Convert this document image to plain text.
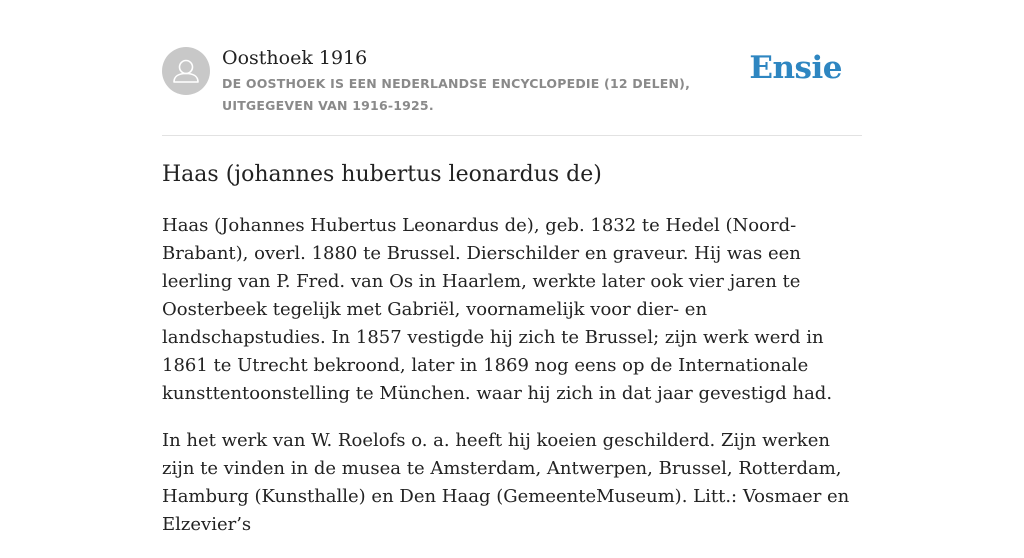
Oosthoek 1916
DE OOSTHOEK IS EEN NEDERLANDSE ENCYCLOPEDIE (12 DELEN), UITGEGEVEN VAN 1916-1925.
Ensie
Haas (johannes hubertus leonardus de)

Haas (Johannes Hubertus Leonardus de), geb. 1832 te Hedel (Noord-Brabant), overl. 1880 te Brussel. Dierschilder en graveur. Hij was een leerling van P. Fred. van Os in Haarlem, werkte later ook vier jaren te Oosterbeek tegelijk met Gabriël, voornamelijk voor dier- en landschapstudies. In 1857 vestigde hij zich te Brussel; zijn werk werd in 1861 te Utrecht bekroond, later in 1869 nog eens op de Internationale kunsttentoonstelling te München. waar hij zich in dat jaar gevestigd had.

In het werk van W. Roelofs o. a. heeft hij koeien geschilderd. Zijn werken zijn te vinden in de musea te Amsterdam, Antwerpen, Brussel, Rotterdam, Hamburg (Kunsthalle) en Den Haag (GemeenteMuseum). Litt.: Vosmaer en Elzevier’s
